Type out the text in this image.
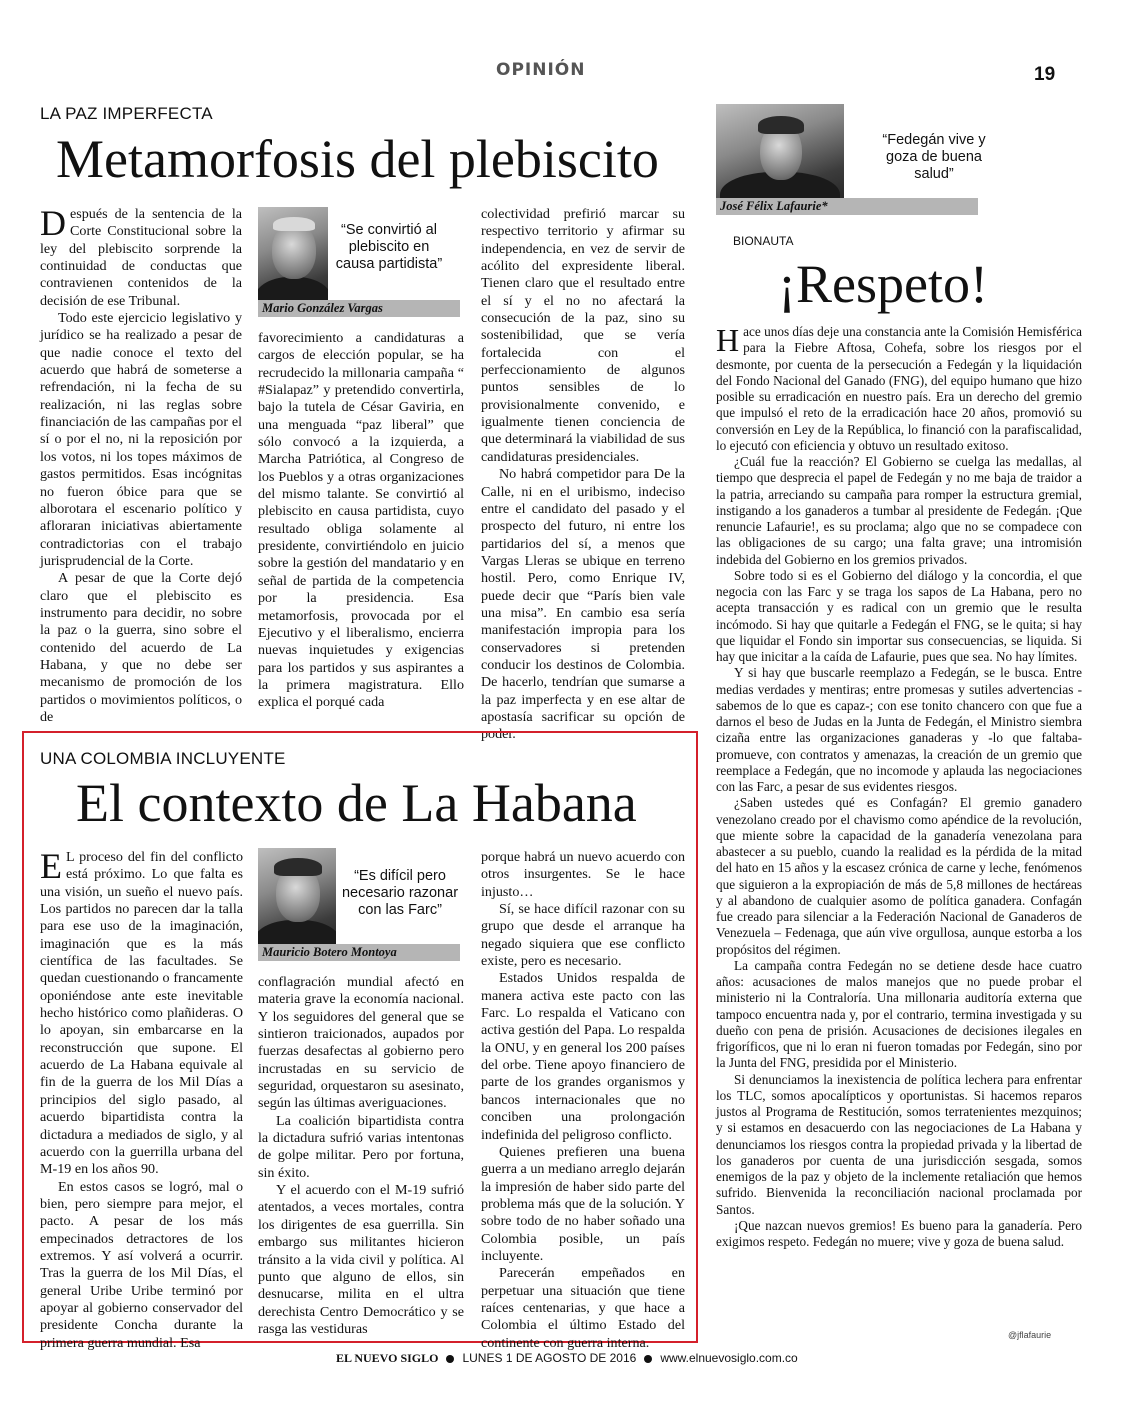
OPINIÓN	19
LA PAZ IMPERFECTA
Metamorfosis del plebiscito

Después de la sentencia de la Corte Constitucional sobre la ley del plebiscito sorprende la continuidad de conductas que contravienen contenidos de la decisión de ese Tribunal.

Todo este ejercicio legislativo y jurídico se ha realizado a pesar de que nadie conoce el texto del acuerdo que habrá de someterse a refrendación, ni la fecha de su realización, ni las reglas sobre financiación de las campañas por el sí o por el no, ni la reposición por los votos, ni los topes máximos de gastos permitidos. Esas incógnitas no fueron óbice para que se alborotara el escenario político y afloraran iniciativas abiertamente contradictorias con el trabajo jurisprudencial de la Corte.

A pesar de que la Corte dejó claro que el plebiscito es instrumento para decidir, no sobre la paz o la guerra, sino sobre el contenido del acuerdo de La Habana, y que no debe ser mecanismo de promoción de los partidos o movimientos políticos, o de

“Se convirtió al plebiscito en causa partidista”
Mario González Vargas

favorecimiento a candidaturas a cargos de elección popular, se ha recrudecido la millonaria campaña “ #Sialapaz” y pretendido convertirla, bajo la tutela de César Gaviria, en una menguada “paz liberal” que sólo convocó a la izquierda, a Marcha Patriótica, al Congreso de los Pueblos y a otras organizaciones del mismo talante. Se convirtió al plebiscito en causa partidista, cuyo resultado obliga solamente al presidente, convirtiéndolo en juicio sobre la gestión del mandatario y en señal de partida de la competencia por la presidencia. Esa metamorfosis, provocada por el Ejecutivo y el liberalismo, encierra nuevas inquietudes y exigencias para los partidos y sus aspirantes a la primera magistratura. Ello explica el porqué cada

colectividad prefirió marcar su respectivo territorio y afirmar su independencia, en vez de servir de acólito del expresidente liberal. Tienen claro que el resultado entre el sí y el no no afectará la consecución de la paz, sino su sostenibilidad, que se vería fortalecida con el perfeccionamiento de algunos puntos sensibles de lo provisionalmente convenido, e igualmente tienen conciencia de que determinará la viabilidad de sus candidaturas presidenciales.

No habrá competidor para De la Calle, ni en el uribismo, indeciso entre el candidato del pasado y el prospecto del futuro, ni entre los partidarios del sí, a menos que Vargas Lleras se ubique en terreno hostil. Pero, como Enrique IV, puede decir que “París bien vale una misa”. En cambio esa sería manifestación impropia para los conservadores si pretenden conducir los destinos de Colombia. De hacerlo, tendrían que sumarse a la paz imperfecta y en ese altar de apostasía sacrificar su opción de poder.

UNA COLOMBIA INCLUYENTE
El contexto de La Habana

E L proceso del fin del conflicto está próximo. Lo que falta es una visión, un sueño el nuevo país. Los partidos no parecen dar la talla para ese uso de la imaginación, imaginación que es la más científica de las facultades. Se quedan cuestionando o francamente oponiéndose ante este inevitable hecho histórico como plañideras. O lo apoyan, sin embarcarse en la reconstrucción que supone. El acuerdo de La Habana equivale al fin de la guerra de los Mil Días a principios del siglo pasado, al acuerdo bipartidista contra la dictadura a mediados de siglo, y al acuerdo con la guerrilla urbana del M-19 en los años 90.

En estos casos se logró, mal o bien, pero siempre para mejor, el pacto. A pesar de los más empecinados detractores de los extremos. Y así volverá a ocurrir. Tras la guerra de los Mil Días, el general Uribe Uribe terminó por apoyar al gobierno conservador del presidente Concha durante la primera guerra mundial. Esa

“Es difícil pero necesario razonar con las Farc”
Mauricio Botero Montoya

conflagración mundial afectó en materia grave la economía nacional. Y los seguidores del general que se sintieron traicionados, aupados por fuerzas desafectas al gobierno pero incrustadas en su servicio de seguridad, orquestaron su asesinato, según las últimas averiguaciones.

La coalición bipartidista contra la dictadura sufrió varias intentonas de golpe militar. Pero por fortuna, sin éxito.

Y el acuerdo con el M-19 sufrió atentados, a veces mortales, contra los dirigentes de esa guerrilla. Sin embargo sus militantes hicieron tránsito a la vida civil y política. Al punto que alguno de ellos, sin desnucarse, milita en el ultra derechista Centro Democrático y se rasga las vestiduras

porque habrá un nuevo acuerdo con otros insurgentes. Se le hace injusto…

Sí, se hace difícil razonar con su grupo que desde el arranque ha negado siquiera que ese conflicto existe, pero es necesario.

Estados Unidos respalda de manera activa este pacto con las Farc. Lo respalda el Vaticano con activa gestión del Papa. Lo respalda la ONU, y en general los 200 países del orbe. Tiene apoyo financiero de parte de los grandes organismos y bancos internacionales que no conciben una prolongación indefinida del peligroso conflicto.

Quienes prefieren una buena guerra a un mediano arreglo dejarán la impresión de haber sido parte del problema más que de la solución. Y sobre todo de no haber soñado una Colombia posible, un país incluyente.

Parecerán empeñados en perpetuar una situación que tiene raíces centenarias, y que hace a Colombia el último Estado del continente con guerra interna.

José Félix Lafaurie*
“Fedegán vive y goza de buena salud”
BIONAUTA
¡Respeto!

Hace unos días deje una constancia ante la Comisión Hemisférica para la Fiebre Aftosa, Cohefa, sobre los riesgos por el desmonte, por cuenta de la persecución a Fedegán y la liquidación del Fondo Nacional del Ganado (FNG), del equipo humano que hizo posible su erradicación en nuestro país. Era un derecho del gremio que impulsó el reto de la erradicación hace 20 años, promovió su conversión en Ley de la República, lo financió con la parafiscalidad, lo ejecutó con eficiencia y obtuvo un resultado exitoso.

¿Cuál fue la reacción? El Gobierno se cuelga las medallas, al tiempo que desprecia el papel de Fedegán y no me baja de traidor a la patria, arreciando su campaña para romper la estructura gremial, instigando a los ganaderos a tumbar al presidente de Fedegán. ¡Que renuncie Lafaurie!, es su proclama; algo que no se compadece con las obligaciones de su cargo; una falta grave; una intromisión indebida del Gobierno en los gremios privados.

Sobre todo si es el Gobierno del diálogo y la concordia, el que negocia con las Farc y se traga los sapos de La Habana, pero no acepta transacción y es radical con un gremio que le resulta incómodo. Si hay que quitarle a Fedegán el FNG, se le quita; si hay que liquidar el Fondo sin importar sus consecuencias, se liquida. Si hay que inicitar a la caída de Lafaurie, pues que sea. No hay límites.

Y si hay que buscarle reemplazo a Fedegán, se le busca. Entre medias verdades y mentiras; entre promesas y sutiles advertencias -sabemos de lo que es capaz-; con ese tonito chancero con que fue a darnos el beso de Judas en la Junta de Fedegán, el Ministro siembra cizaña entre las organizaciones ganaderas y -lo que faltaba- promueve, con contratos y amenazas, la creación de un gremio que reemplace a Fedegán, que no incomode y aplauda las negociaciones con las Farc, a pesar de sus evidentes riesgos.

¿Saben ustedes qué es Confagán? El gremio ganadero venezolano creado por el chavismo como apéndice de la revolución, que miente sobre la capacidad de la ganadería venezolana para abastecer a su pueblo, cuando la realidad es la pérdida de la mitad del hato en 15 años y la escasez crónica de carne y leche, fenómenos que siguieron a la expropiación de más de 5,8 millones de hectáreas y al abandono de cualquier asomo de política ganadera. Confagán fue creado para silenciar a la Federación Nacional de Ganaderos de Venezuela – Fedenaga, que aún vive orgullosa, aunque estorba a los propósitos del régimen.

La campaña contra Fedegán no se detiene desde hace cuatro años: acusaciones de malos manejos que no puede probar el ministerio ni la Contraloría. Una millonaria auditoría externa que tampoco encuentra nada y, por el contrario, termina investigada y su dueño con pena de prisión. Acusaciones de decisiones ilegales en frigoríficos, que ni lo eran ni fueron tomadas por Fedegán, sino por la Junta del FNG, presidida por el Ministerio.

Si denunciamos la inexistencia de política lechera para enfrentar los TLC, somos apocalípticos y oportunistas. Si hacemos reparos justos al Programa de Restitución, somos terratenientes mezquinos; y si estamos en desacuerdo con las negociaciones de La Habana y denunciamos los riesgos contra la propiedad privada y la libertad de los ganaderos por cuenta de una jurisdicción sesgada, somos enemigos de la paz y objeto de la inclemente retaliación que hemos sufrido. Bienvenida la reconciliación nacional proclamada por Santos.

¡Que nazcan nuevos gremios! Es bueno para la ganadería. Pero exigimos respeto. Fedegán no muere; vive y goza de buena salud.

@jflafaurie
EL NUEVO SIGLO LUNES 1 DE AGOSTO DE 2016 www.elnuevosiglo.com.co
